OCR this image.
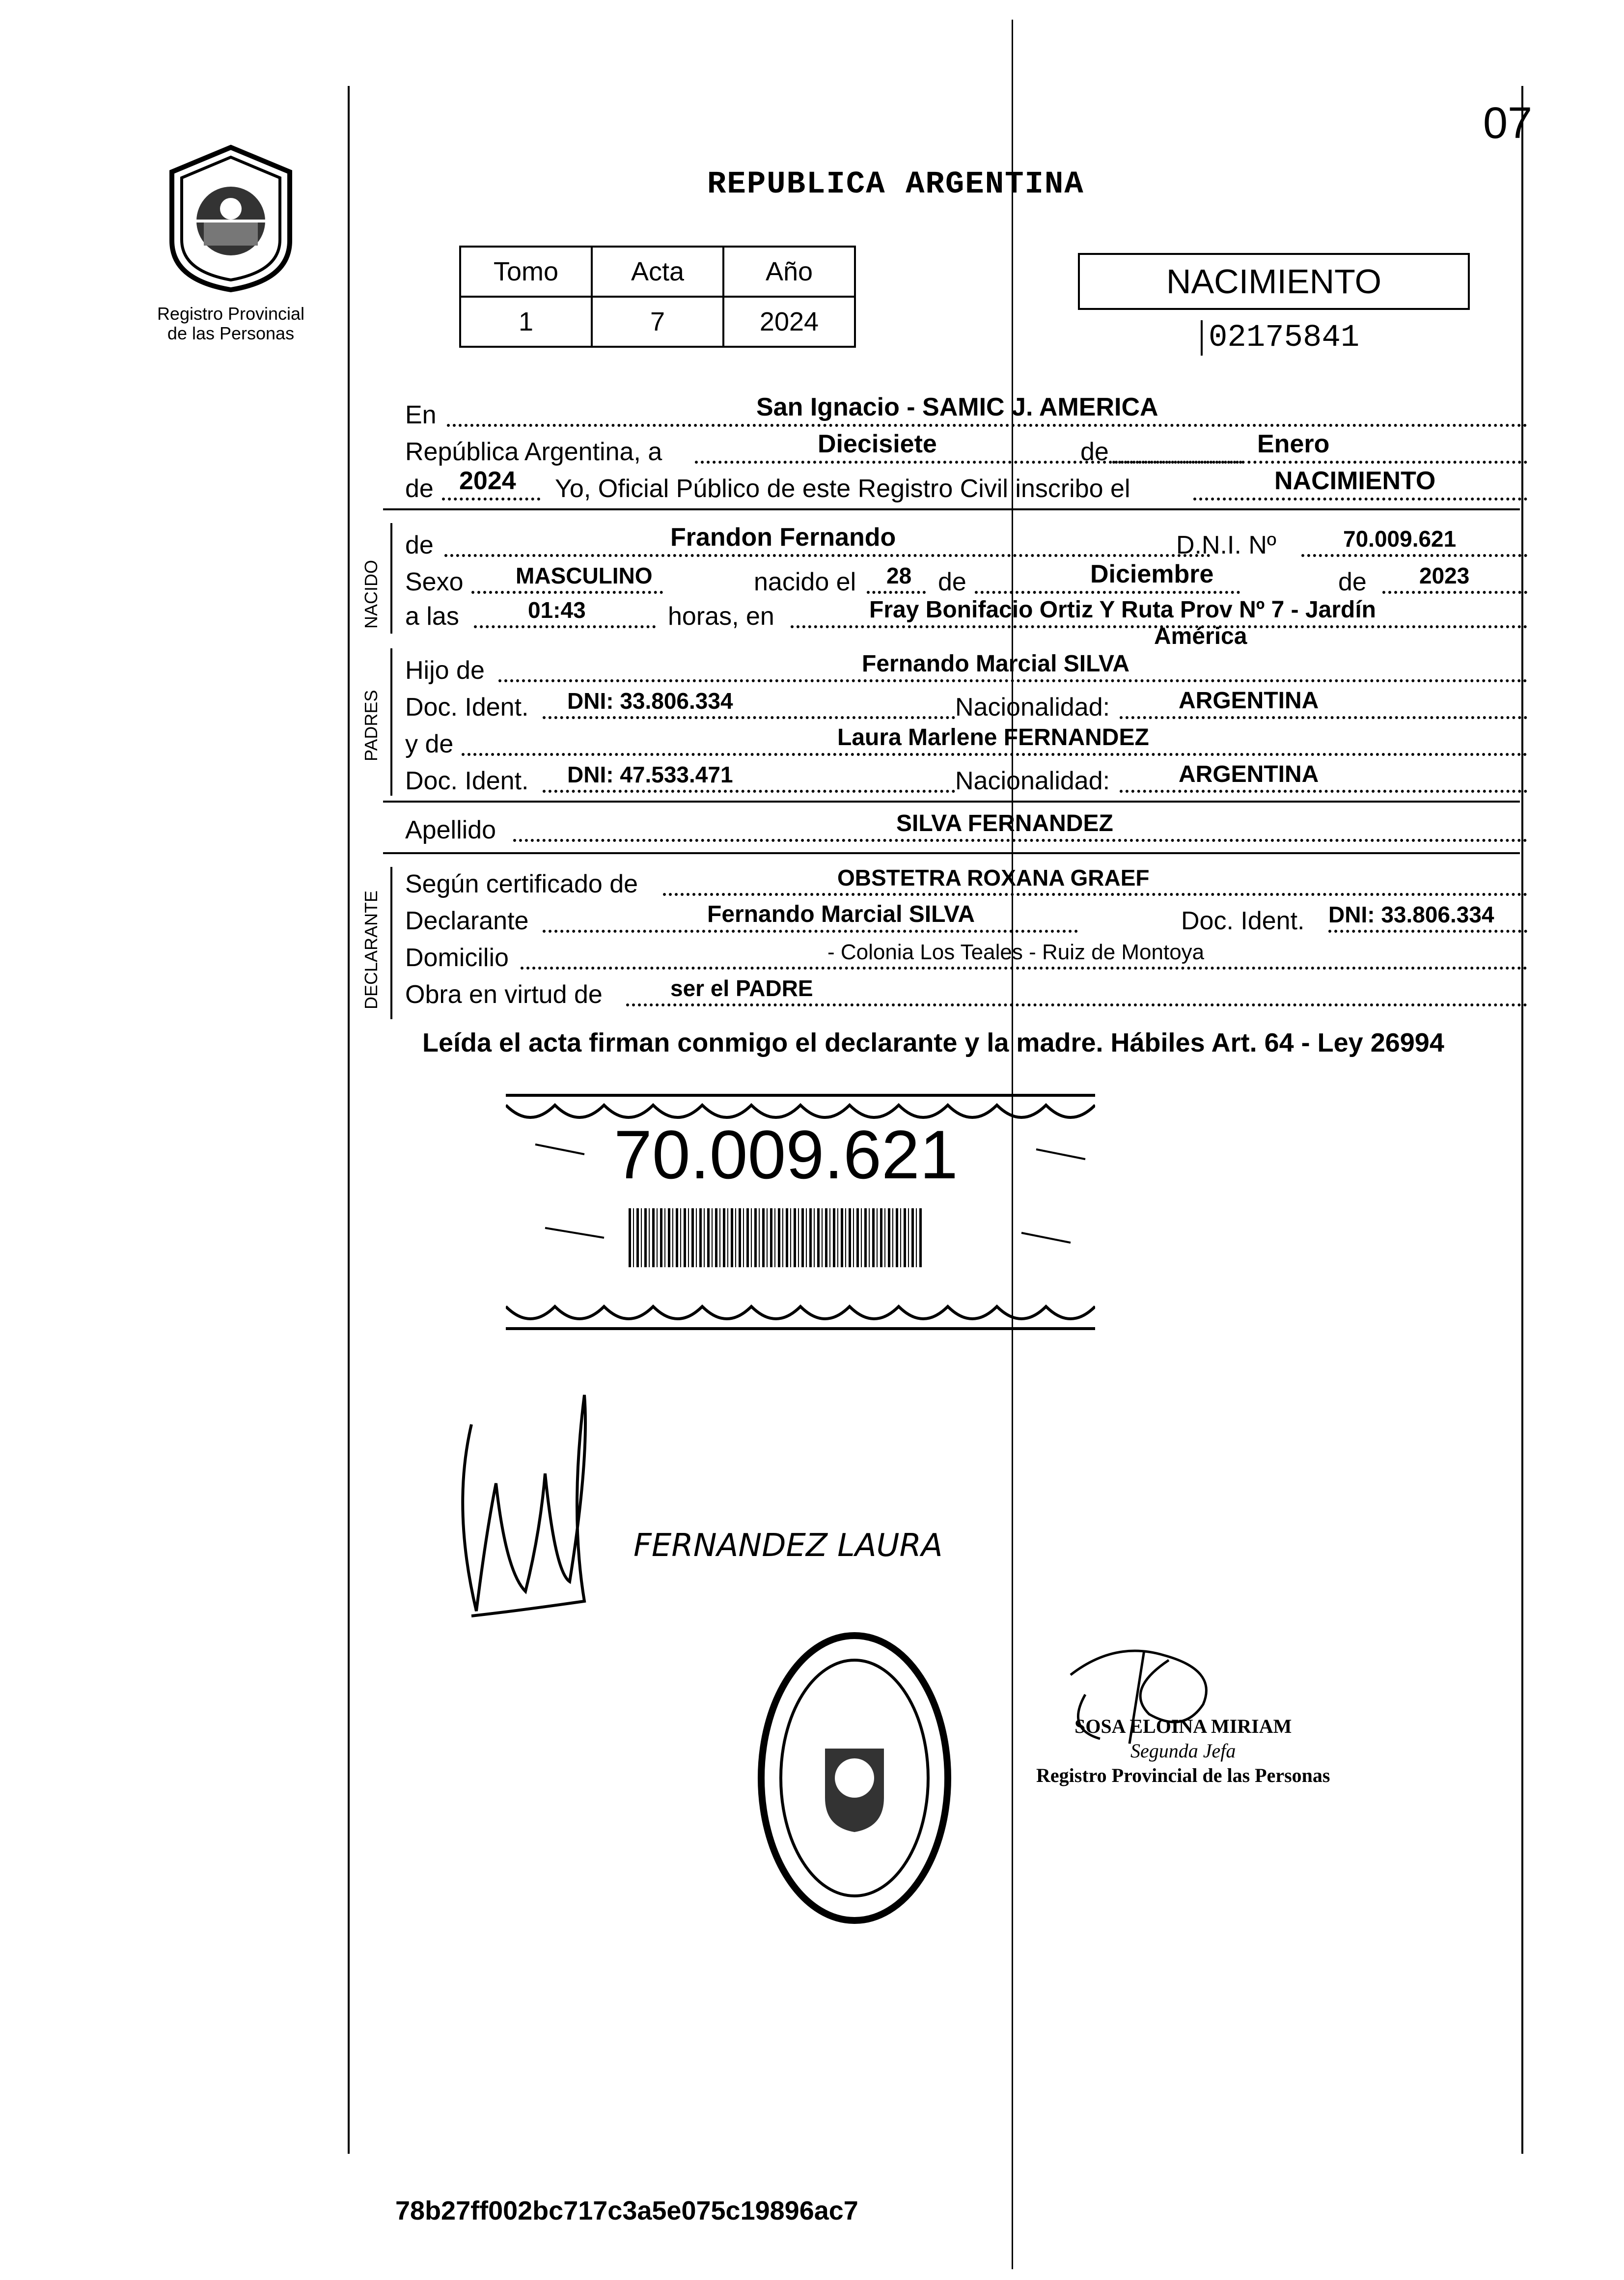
07
REPUBLICA ARGENTINA
Registro Provincial
de las Personas
Tomo	Acta	Año
1	7	2024
NACIMIENTO
02175841
En	San Ignacio - SAMIC J. AMERICA
República Argentina, a	Diecisiete	de	Enero
de 2024 Yo, Oficial Público de este Registro Civil inscribo el	NACIMIENTO
NACIDO
de	Frandon Fernando	D.N.I. Nº	70.009.621
Sexo MASCULINO	nacido el 28 de	Diciembre	de 2023
a las	01:43	horas, en	Fray Bonifacio Ortiz Y Ruta Prov Nº 7 - Jardín
América
PADRES
Hijo de	Fernando Marcial SILVA
Doc. Ident. DNI: 33.806.334	Nacionalidad:	ARGENTINA
y de	Laura Marlene FERNANDEZ
Doc. Ident. DNI: 47.533.471	Nacionalidad:	ARGENTINA
Apellido	SILVA FERNANDEZ
DECLARANTE
Según certificado de	OBSTETRA ROXANA GRAEF
Declarante	Fernando Marcial SILVA	Doc. Ident. DNI: 33.806.334
Domicilio	- Colonia Los Teales - Ruiz de Montoya
Obra en virtud de	ser el PADRE
Leída el acta firman conmigo el declarante y la madre. Hábiles Art. 64 - Ley 26994
70.009.621
FERNANDEZ LAURA
SOSA ELOINA MIRIAM
Segunda Jefa
Registro Provincial de las Personas
78b27ff002bc717c3a5e075c19896ac7
